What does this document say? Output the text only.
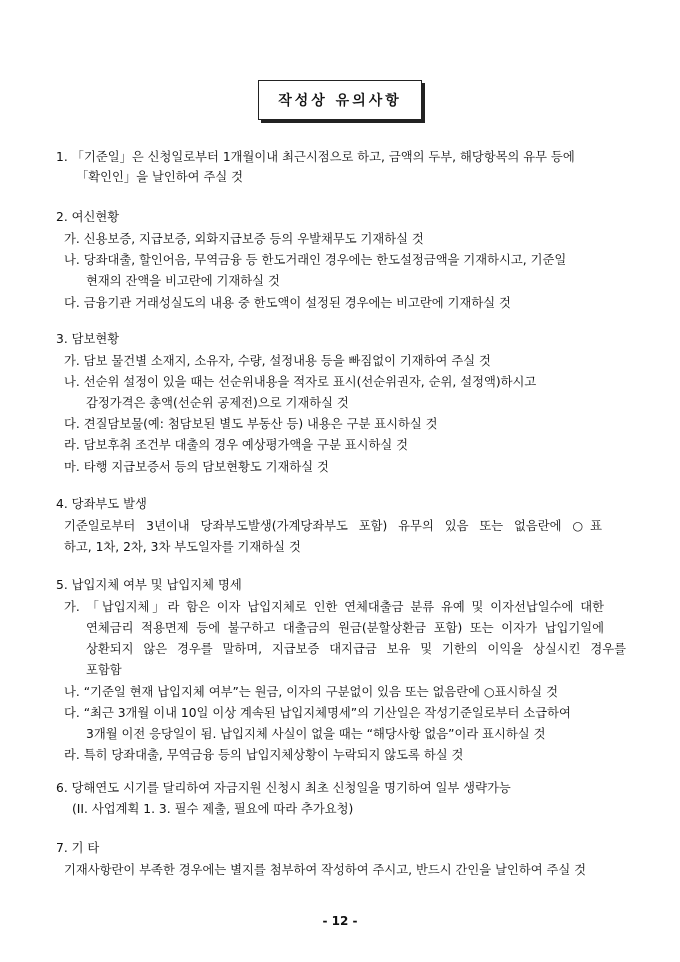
작성상 유의사항
1. 「기준일」은 신청일로부터 1개월이내 최근시점으로 하고, 금액의 두부, 해당항목의 유무 등에
「확인인」을 날인하여 주실 것
2. 여신현황
가. 신용보증, 지급보증, 외화지급보증 등의 우발채무도 기재하실 것
나. 당좌대출, 할인어음, 무역금융 등 한도거래인 경우에는 한도설정금액을 기재하시고, 기준일
현재의 잔액을 비고란에 기재하실 것
다. 금융기관 거래성실도의 내용 중 한도액이 설정된 경우에는 비고란에 기재하실 것
3. 담보현황
가. 담보 물건별 소재지, 소유자, 수량, 설정내용 등을 빠짐없이 기재하여 주실 것
나. 선순위 설정이 있을 때는 선순위내용을 적자로 표시(선순위권자, 순위, 설정액)하시고
감정가격은 총액(선순위 공제전)으로 기재하실 것
다. 견질담보물(예: 첨담보된 별도 부동산 등) 내용은 구분 표시하실 것
라. 담보후취 조건부 대출의 경우 예상평가액을 구분 표시하실 것
마. 타행 지급보증서 등의 담보현황도 기재하실 것
4. 당좌부도 발생
기준일로부터 3년이내 당좌부도발생(가계당좌부도 포함) 유무의 있음 또는 없음란에 ○표
하고, 1차, 2차, 3차 부도일자를 기재하실 것
5. 납입지체 여부 및 납입지체 명세
가. 「납입지체」라 함은 이자 납입지체로 인한 연체대출금 분류 유예 및 이자선납일수에 대한
연체금리 적용면제 등에 불구하고 대출금의 원금(분할상환금 포함) 또는 이자가 납입기일에
상환되지 않은 경우를 말하며, 지급보증 대지급금 보유 및 기한의 이익을 상실시킨 경우를
포함함
나. “기준일 현재 납입지체 여부”는 원금, 이자의 구분없이 있음 또는 없음란에 ○표시하실 것
다. “최근 3개월 이내 10일 이상 계속된 납입지체명세”의 기산일은 작성기준일로부터 소급하여
3개월 이전 응당일이 됨. 납입지체 사실이 없을 때는 “해당사항 없음”이라 표시하실 것
라. 특히 당좌대출, 무역금융 등의 납입지체상황이 누락되지 않도록 하실 것
6. 당해연도 시기를 달리하여 자금지원 신청시 최초 신청일을 명기하여 일부 생략가능
(II. 사업계획 1. 3. 필수 제출, 필요에 따라 추가요청)
7. 기 타
기재사항란이 부족한 경우에는 별지를 첨부하여 작성하여 주시고, 반드시 간인을 날인하여 주실 것
- 12 -
